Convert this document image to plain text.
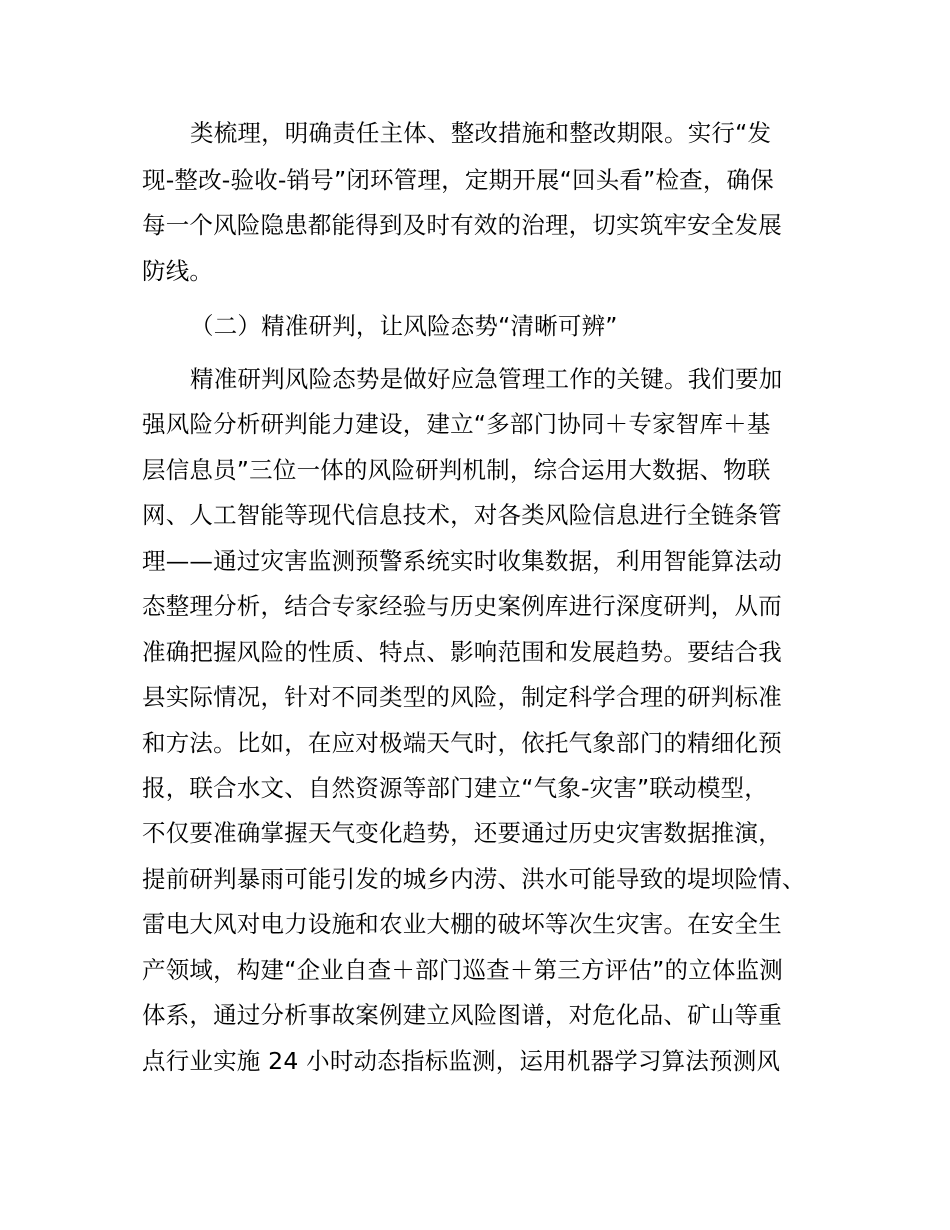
类梳理，明确责任主体、整改措施和整改期限。实行“发
现-整改-验收-销号”闭环管理，定期开展“回头看”检查，确保
每一个风险隐患都能得到及时有效的治理，切实筑牢安全发展
防线。
（二）精准研判，让风险态势“清晰可辨”
精准研判风险态势是做好应急管理工作的关键。我们要加
强风险分析研判能力建设，建立“多部门协同＋专家智库＋基
层信息员”三位一体的风险研判机制，综合运用大数据、物联
网、人工智能等现代信息技术，对各类风险信息进行全链条管
理——通过灾害监测预警系统实时收集数据，利用智能算法动
态整理分析，结合专家经验与历史案例库进行深度研判，从而
准确把握风险的性质、特点、影响范围和发展趋势。要结合我
县实际情况，针对不同类型的风险，制定科学合理的研判标准
和方法。比如，在应对极端天气时，依托气象部门的精细化预
报，联合水文、自然资源等部门建立“气象-灾害”联动模型，
不仅要准确掌握天气变化趋势，还要通过历史灾害数据推演，
提前研判暴雨可能引发的城乡内涝、洪水可能导致的堤坝险情、
雷电大风对电力设施和农业大棚的破坏等次生灾害。在安全生
产领域，构建“企业自查＋部门巡查＋第三方评估”的立体监测
体系，通过分析事故案例建立风险图谱，对危化品、矿山等重
点行业实施 24 小时动态指标监测，运用机器学习算法预测风
